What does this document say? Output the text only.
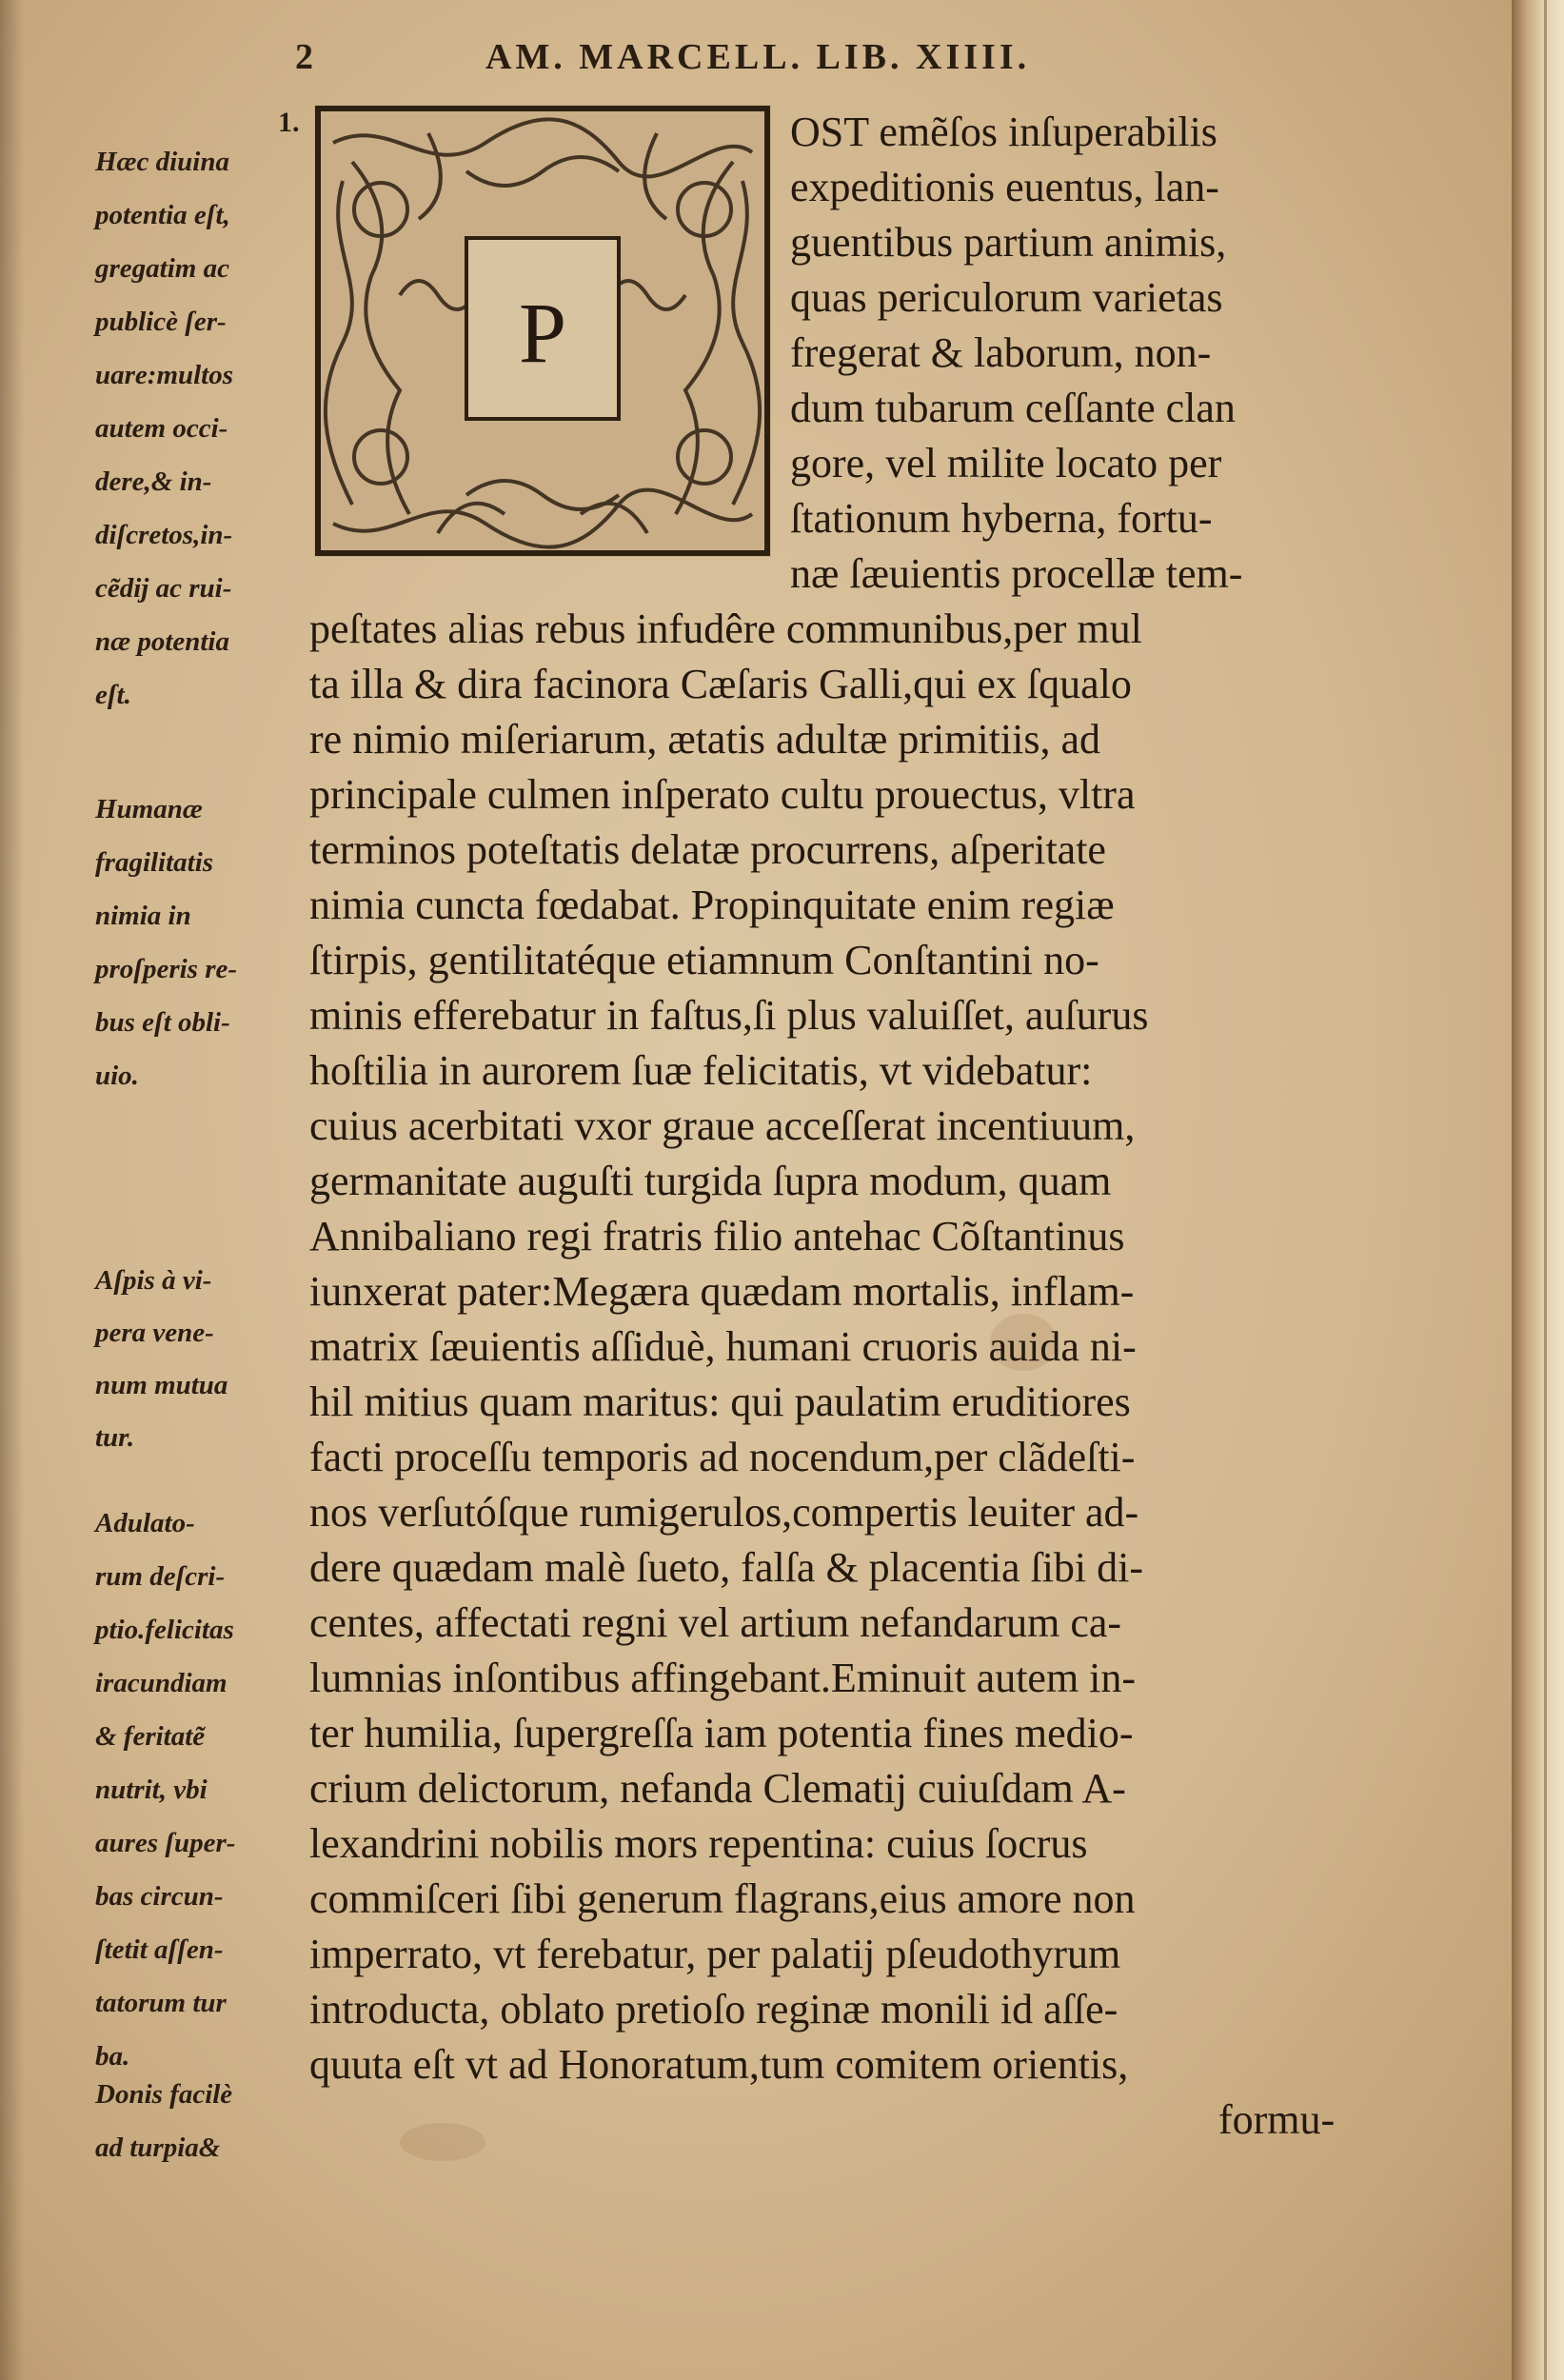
2	AM. MARCELL. LIB. XIIII.
1.
P
Hæc diuina
potentia eſt,
gregatim ac
publicè ſer-
uare:multos
autem occi-
dere,& in-
diſcretos,in-
cẽdij ac rui-
næ potentia
eſt.
Humanæ
fragilitatis
nimia in
proſperis re-
bus eſt obli-
uio.
Aſpis à vi-
pera vene-
num mutua
tur.
Adulato-
rum deſcri-
ptio.felicitas
iracundiam
& feritatẽ
nutrit, vbi
aures ſuper-
bas circun-
ſtetit aſſen-
tatorum tur
ba.
Donis facilè
ad turpia&
OST emẽſos inſuperabilis
expeditionis euentus, lan-
guentibus partium animis,
quas periculorum varietas
fregerat & laborum, non-
dum tubarum ceſſante clan
gore, vel milite locato per
ſtationum hyberna, fortu-
næ ſæuientis procellæ tem-
peſtates alias rebus infudêre communibus,per mul
ta illa & dira facinora Cæſaris Galli,qui ex ſqualo
re nimio miſeriarum, ætatis adultæ primitiis, ad
principale culmen inſperato cultu prouectus, vltra
terminos poteſtatis delatæ procurrens, aſperitate
nimia cuncta fœdabat. Propinquitate enim regiæ
ſtirpis, gentilitatéque etiamnum Conſtantini no-
minis efferebatur in faſtus,ſi plus valuiſſet, auſurus
hoſtilia in aurorem ſuæ felicitatis, vt videbatur:
cuius acerbitati vxor graue acceſſerat incentiuum,
germanitate auguſti turgida ſupra modum, quam
Annibaliano regi fratris filio antehac Cõſtantinus
iunxerat pater:Megæra quædam mortalis, inflam-
matrix ſæuientis aſſiduè, humani cruoris auida ni-
hil mitius quam maritus: qui paulatim eruditiores
facti proceſſu temporis ad nocendum,per clãdeſti-
nos verſutóſque rumigerulos,compertis leuiter ad-
dere quædam malè ſueto, falſa & placentia ſibi di-
centes, affectati regni vel artium nefandarum ca-
lumnias inſontibus affingebant.Eminuit autem in-
ter humilia, ſupergreſſa iam potentia fines medio-
crium delictorum, nefanda Clematij cuiuſdam A-
lexandrini nobilis mors repentina: cuius ſocrus
commiſceri ſibi generum flagrans,eius amore non
imperrato, vt ferebatur, per palatij pſeudothyrum
introducta, oblato pretioſo reginæ monili id aſſe-
quuta eſt vt ad Honoratum,tum comitem orientis,
formu-
